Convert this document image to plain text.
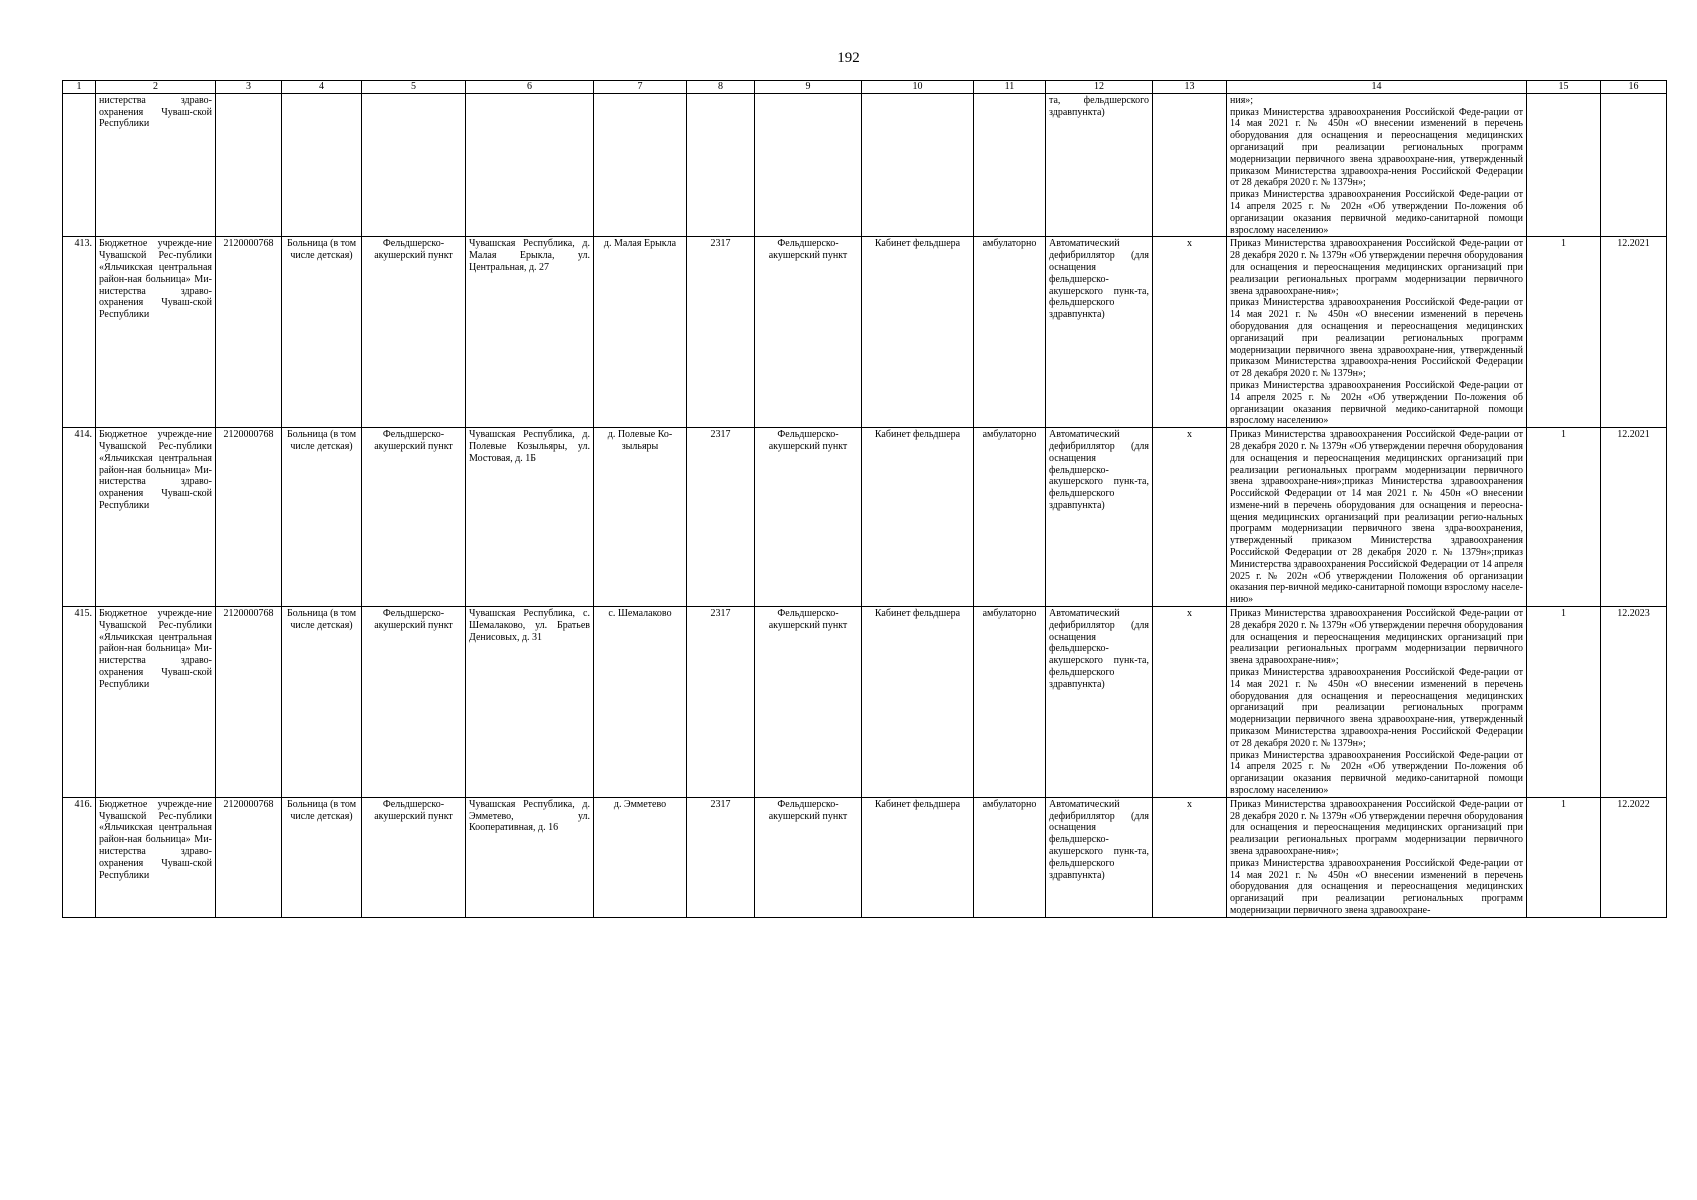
192
1	2	3	4	5	6	7	8	9	10	11	12	13	14	15	16

	нистерства здраво-охранения Чуваш-ской Республики										та, фельдшерского здравпункта)		ния»;
приказ Министерства здравоохранения Российской Феде-рации от 14 мая 2021 г. № 450н «О внесении изменений в перечень оборудования для оснащения и переоснащения медицинских организаций при реализации региональных программ модернизации первичного звена здравоохране-ния, утвержденный приказом Министерства здравоохра-нения Российской Федерации от 28 декабря 2020 г. № 1379н»;
приказ Министерства здравоохранения Российской Феде-рации от 14 апреля 2025 г. № 202н «Об утверждении По-ложения об организации оказания первичной медико-санитарной помощи взрослому населению»		

413.	Бюджетное учрежде-ние Чувашской Рес-публики «Яльчикская центральная район-ная больница» Ми-нистерства здраво-охранения Чуваш-ской Республики	2120000768	Больница (в том числе детская)	Фельдшерско-акушерский пункт	Чувашская Республика, д. Малая Ерыкла, ул. Центральная, д. 27	д. Малая Ерыкла	2317	Фельдшерско-акушерский пункт	Кабинет фельдшера	амбулаторно	Автоматический дефибриллятор (для оснащения фельдшерско-акушерского пунк-та, фельдшерского здравпункта)	х	Приказ Министерства здравоохранения Российской Феде-рации от 28 декабря 2020 г. № 1379н «Об утверждении перечня оборудования для оснащения и переоснащения медицинских организаций при реализации региональных программ модернизации первичного звена здравоохране-ния»;
приказ Министерства здравоохранения Российской Феде-рации от 14 мая 2021 г. № 450н «О внесении изменений в перечень оборудования для оснащения и переоснащения медицинских организаций при реализации региональных программ модернизации первичного звена здравоохране-ния, утвержденный приказом Министерства здравоохра-нения Российской Федерации от 28 декабря 2020 г. № 1379н»;
приказ Министерства здравоохранения Российской Феде-рации от 14 апреля 2025 г. № 202н «Об утверждении По-ложения об организации оказания первичной медико-санитарной помощи взрослому населению»	1	12.2021

414.	Бюджетное учрежде-ние Чувашской Рес-публики «Яльчикская центральная район-ная больница» Ми-нистерства здраво-охранения Чуваш-ской Республики	2120000768	Больница (в том числе детская)	Фельдшерско-акушерский пункт	Чувашская Республика, д. Полевые Козыльяры, ул. Мостовая, д. 1Б	д. Полевые Ко-зыльяры	2317	Фельдшерско-акушерский пункт	Кабинет фельдшера	амбулаторно	Автоматический дефибриллятор (для оснащения фельдшерско-акушерского пунк-та, фельдшерского здравпункта)	х	Приказ Министерства здравоохранения Российской Феде-рации от 28 декабря 2020 г. № 1379н «Об утверждении перечня оборудования для оснащения и переоснащения медицинских организаций при реализации региональных программ модернизации первичного звена здравоохране-ния»;приказ Министерства здравоохранения Российской Федерации от 14 мая 2021 г. № 450н «О внесении измене-ний в перечень оборудования для оснащения и переосна-щения медицинских организаций при реализации регио-нальных программ модернизации первичного звена здра-воохранения, утвержденный приказом Министерства здравоохранения Российской Федерации от 28 декабря 2020 г. № 1379н»;приказ Министерства здравоохранения Российской Федерации от 14 апреля 2025 г. № 202н «Об утверждении Положения об организации оказания пер-вичной медико-санитарной помощи взрослому населе-нию»	1	12.2021

415.	Бюджетное учрежде-ние Чувашской Рес-публики «Яльчикская центральная район-ная больница» Ми-нистерства здраво-охранения Чуваш-ской Республики	2120000768	Больница (в том числе детская)	Фельдшерско-акушерский пункт	Чувашская Республика, с. Шемалаково, ул. Братьев Денисовых, д. 31	с. Шемалаково	2317	Фельдшерско-акушерский пункт	Кабинет фельдшера	амбулаторно	Автоматический дефибриллятор (для оснащения фельдшерско-акушерского пунк-та, фельдшерского здравпункта)	х	Приказ Министерства здравоохранения Российской Феде-рации от 28 декабря 2020 г. № 1379н «Об утверждении перечня оборудования для оснащения и переоснащения медицинских организаций при реализации региональных программ модернизации первичного звена здравоохране-ния»;
приказ Министерства здравоохранения Российской Феде-рации от 14 мая 2021 г. № 450н «О внесении изменений в перечень оборудования для оснащения и переоснащения медицинских организаций при реализации региональных программ модернизации первичного звена здравоохране-ния, утвержденный приказом Министерства здравоохра-нения Российской Федерации от 28 декабря 2020 г. № 1379н»;
приказ Министерства здравоохранения Российской Феде-рации от 14 апреля 2025 г. № 202н «Об утверждении По-ложения об организации оказания первичной медико-санитарной помощи взрослому населению»	1	12.2023

416.	Бюджетное учрежде-ние Чувашской Рес-публики «Яльчикская центральная район-ная больница» Ми-нистерства здраво-охранения Чуваш-ской Республики	2120000768	Больница (в том числе детская)	Фельдшерско-акушерский пункт	Чувашская Республика, д. Эмметево, ул. Кооперативная, д. 16	д. Эмметево	2317	Фельдшерско-акушерский пункт	Кабинет фельдшера	амбулаторно	Автоматический дефибриллятор (для оснащения фельдшерско-акушерского пунк-та, фельдшерского здравпункта)	х	Приказ Министерства здравоохранения Российской Феде-рации от 28 декабря 2020 г. № 1379н «Об утверждении перечня оборудования для оснащения и переоснащения медицинских организаций при реализации региональных программ модернизации первичного звена здравоохране-ния»;
приказ Министерства здравоохранения Российской Феде-рации от 14 мая 2021 г. № 450н «О внесении изменений в перечень оборудования для оснащения и переоснащения медицинских организаций при реализации региональных программ модернизации первичного звена здравоохране-	1	12.2022
